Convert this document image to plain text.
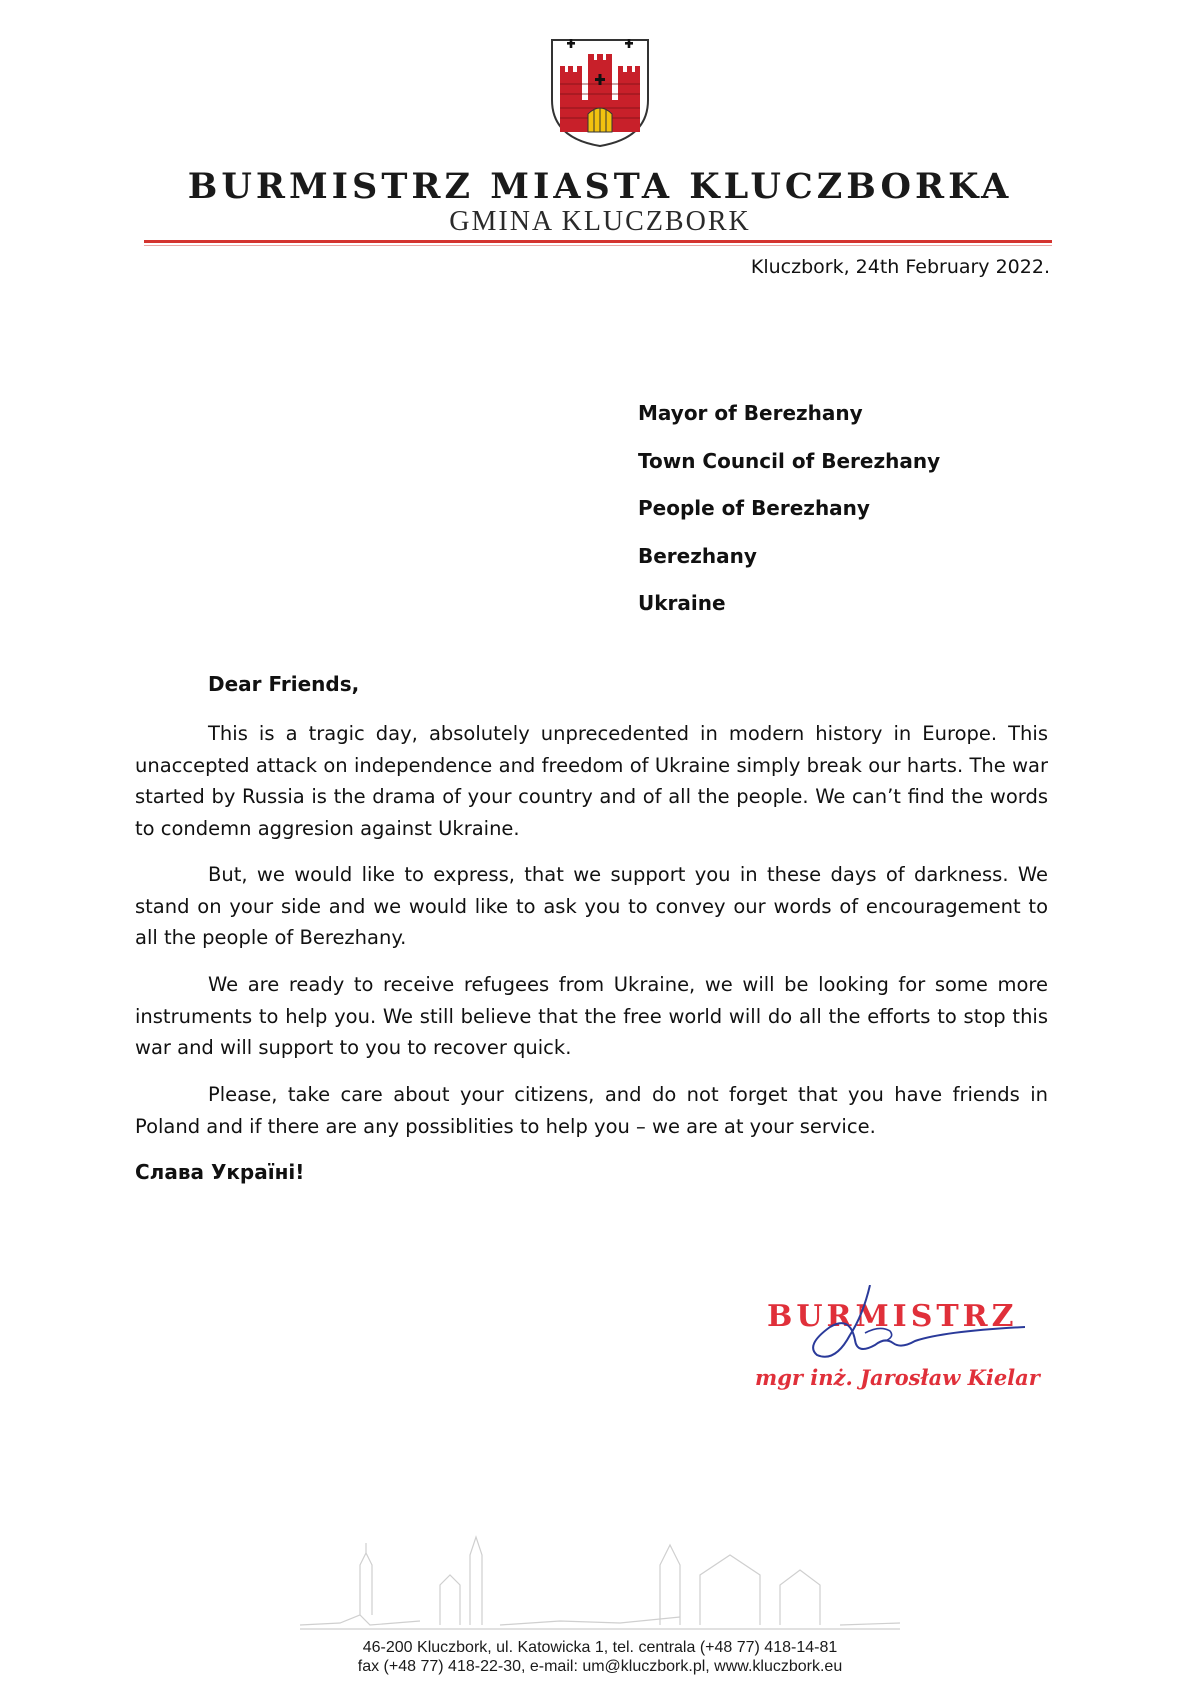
BURMISTRZ MIASTA KLUCZBORKA
GMINA KLUCZBORK
Kluczbork, 24th February 2022.
Mayor of Berezhany
Town Council of Berezhany
People of Berezhany
Berezhany
Ukraine
Dear Friends,
This is a tragic day, absolutely unprecedented in modern history in Europe. This unaccepted attack on independence and freedom of Ukraine simply break our harts. The war started by Russia is the drama of your country and of all the people. We can’t find the words to condemn aggresion against Ukraine.
But, we would like to express, that we support you in these days of darkness. We stand on your side and we would like to ask you to convey our words of encouragement to all the people of Berezhany.
We are ready to receive refugees from Ukraine, we will be looking for some more instruments to help you. We still believe that the free world will do all the efforts to stop this war and will support to you to recover quick.
Please, take care about your citizens, and do not forget that you have friends in Poland and if there are any possiblities to help you – we are at your service.
Слава Україні!
BURMISTRZ
mgr inż. Jarosław Kielar
46-200 Kluczbork, ul. Katowicka 1, tel. centrala (+48 77) 418-14-81
fax (+48 77) 418-22-30, e-mail: um@kluczbork.pl, www.kluczbork.eu
